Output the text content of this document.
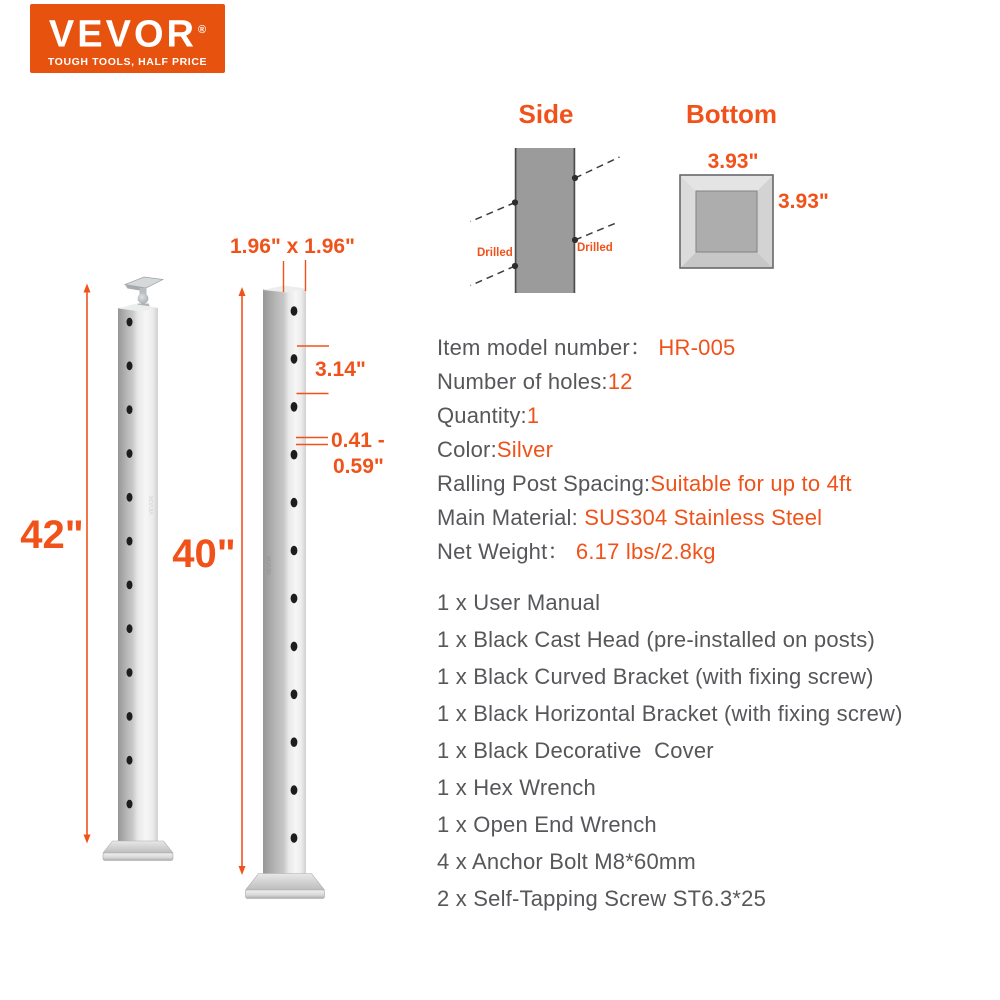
VEVOR
VEVOR
VEVOR®
TOUGH TOOLS, HALF PRICE
1.96" x 1.96"
42" 40"
3.14"
0.41 -
0.59"
Side	Bottom
3.93"
3.93"
Drilled	Drilled
Item model number： HR-005
Number of holes:12
Quantity:1
Color:Silver
Ralling Post Spacing:Suitable for up to 4ft
Main Material: SUS304 Stainless Steel
Net Weight： 6.17 lbs/2.8kg
1 x User Manual
1 x Black Cast Head (pre-installed on posts)
1 x Black Curved Bracket (with fixing screw)
1 x Black Horizontal Bracket (with fixing screw)
1 x Black Decorative  Cover
1 x Hex Wrench
1 x Open End Wrench
4 x Anchor Bolt M8*60mm
2 x Self-Tapping Screw ST6.3*25
